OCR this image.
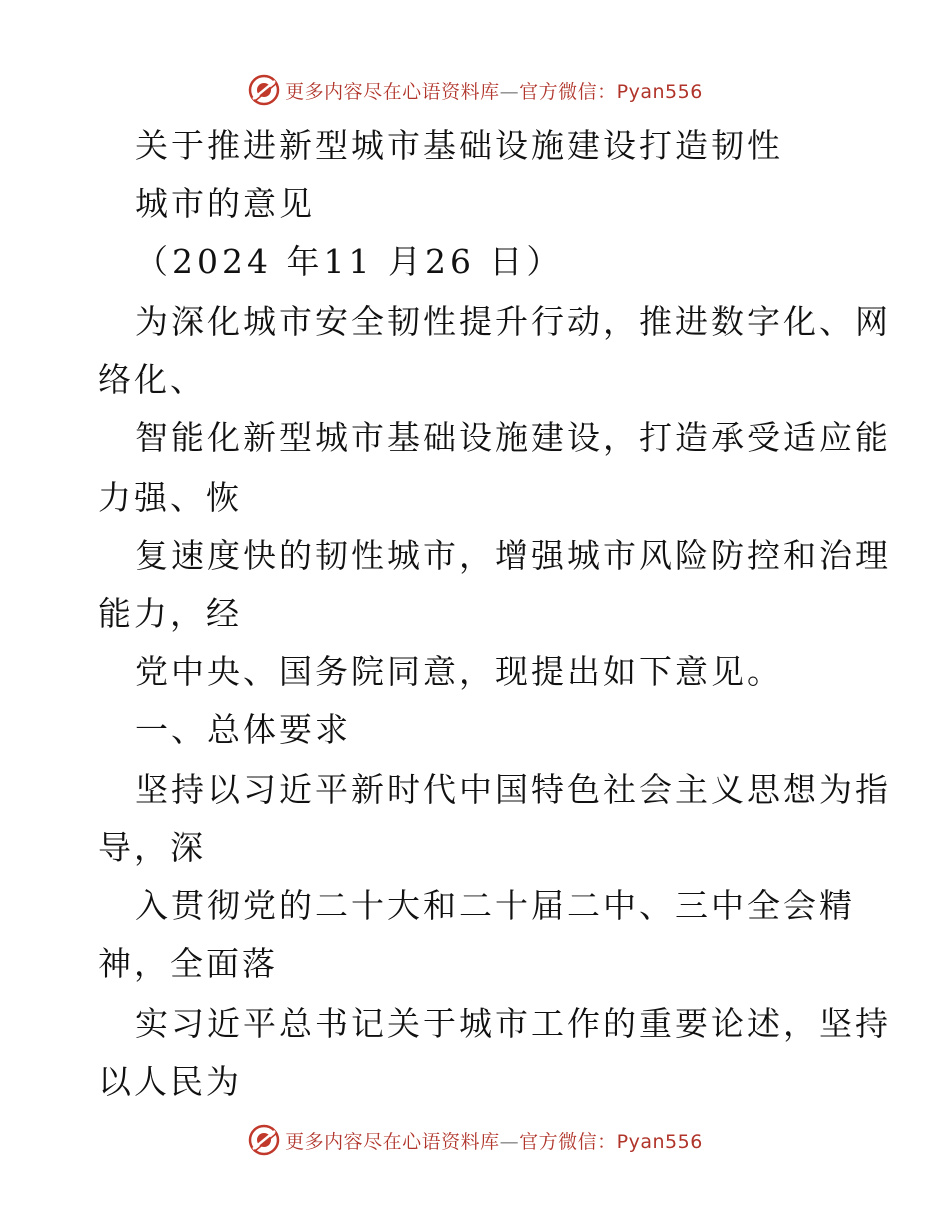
更多内容尽在心语资料库—官方微信：Pyan556
关于推进新型城市基础设施建设打造韧性
城市的意见
（2024 年11 月26 日）
为深化城市安全韧性提升行动，推进数字化、网
络化、
智能化新型城市基础设施建设，打造承受适应能
力强、恢
复速度快的韧性城市，增强城市风险防控和治理
能力，经
党中央、国务院同意，现提出如下意见。
一、总体要求
坚持以习近平新时代中国特色社会主义思想为指
导，深
入贯彻党的二十大和二十届二中、三中全会精
神，全面落
实习近平总书记关于城市工作的重要论述，坚持
以人民为
更多内容尽在心语资料库—官方微信：Pyan556
